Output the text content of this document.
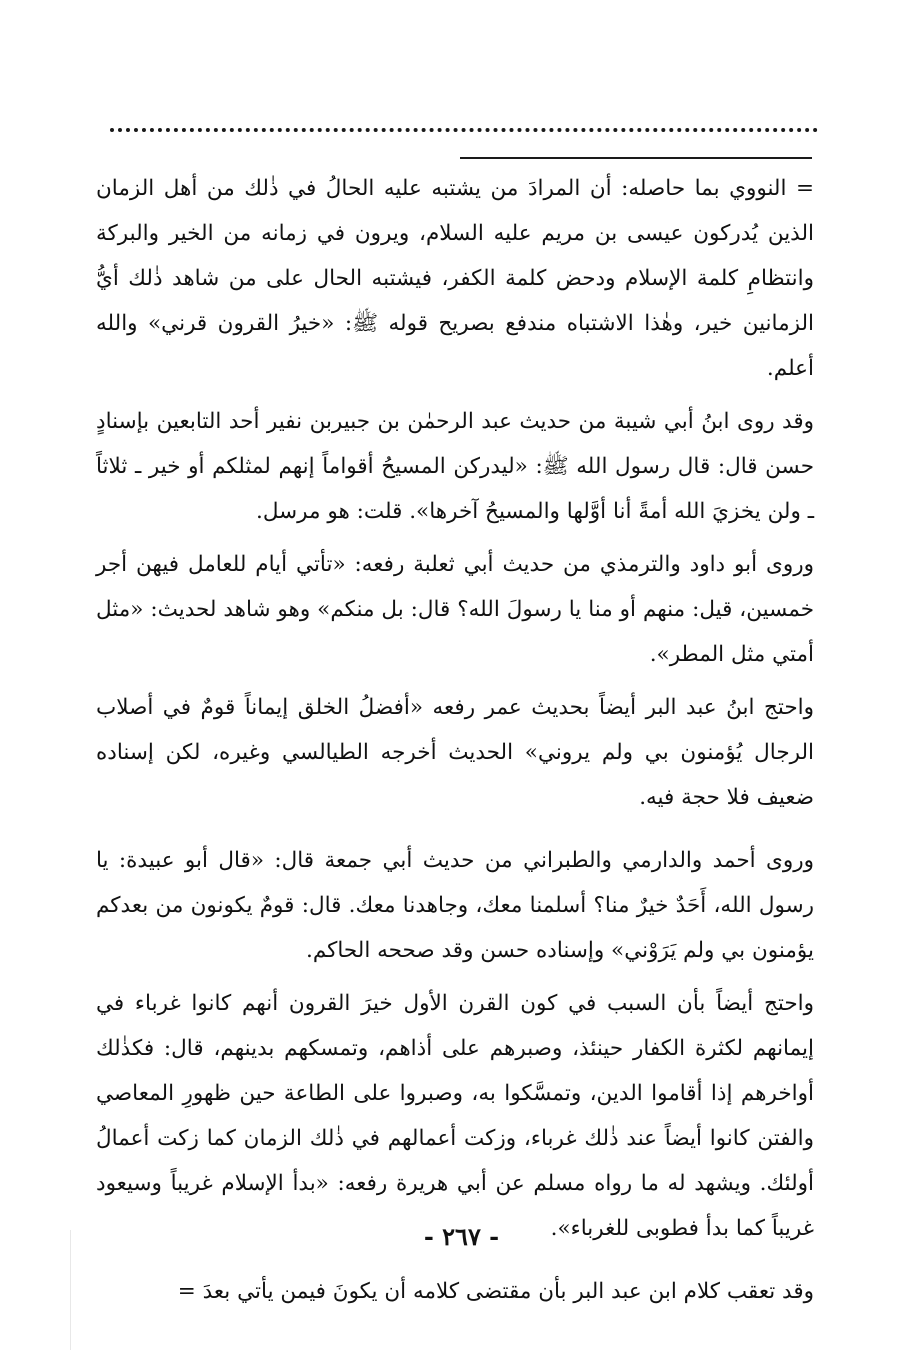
= النووي بما حاصله: أن المرادَ من يشتبه عليه الحالُ في ذٰلك من أهل الزمان الذين يُدركون عيسى بن مريم عليه السلام، ويرون في زمانه من الخير والبركة وانتظامِ كلمة الإسلام ودحض كلمة الكفر، فيشتبه الحال على من شاهد ذٰلك أيُّ الزمانين خير، وهٰذا الاشتباه مندفع بصريح قوله ﷺ: «خيرُ القرون قرني» والله أعلم.

وقد روى ابنُ أبي شيبة من حديث عبد الرحمٰن بن جبيربن نفير أحد التابعين بإسنادٍ حسن قال: قال رسول الله ﷺ: «ليدركن المسيحُ أقواماً إنهم لمثلكم أو خير ـ ثلاثاً ـ ولن يخزيَ الله أمةً أنا أوَّلها والمسيحُ آخرها». قلت: هو مرسل.

وروى أبو داود والترمذي من حديث أبي ثعلبة رفعه: «تأتي أيام للعامل فيهن أجر خمسين، قيل: منهم أو منا يا رسولَ الله؟ قال: بل منكم» وهو شاهد لحديث: «مثل أمتي مثل المطر».

واحتج ابنُ عبد البر أيضاً بحديث عمر رفعه «أفضلُ الخلق إيماناً قومٌ في أصلاب الرجال يُؤمنون بي ولم يروني» الحديث أخرجه الطيالسي وغيره، لكن إسناده ضعيف فلا حجة فيه.

وروى أحمد والدارمي والطبراني من حديث أبي جمعة قال: «قال أبو عبيدة: يا رسول الله، أَحَدٌ خيرٌ منا؟ أسلمنا معك، وجاهدنا معك. قال: قومٌ يكونون من بعدكم يؤمنون بي ولم يَرَوْني» وإسناده حسن وقد صححه الحاكم.

واحتج أيضاً بأن السبب في كون القرن الأول خيرَ القرون أنهم كانوا غرباء في إيمانهم لكثرة الكفار حينئذ، وصبرهم على أذاهم، وتمسكهم بدينهم، قال: فكذٰلك أواخرهم إذا أقاموا الدين، وتمسَّكوا به، وصبروا على الطاعة حين ظهورِ المعاصي والفتن كانوا أيضاً عند ذٰلك غرباء، وزكت أعمالهم في ذٰلك الزمان كما زكت أعمالُ أولئك. ويشهد له ما رواه مسلم عن أبي هريرة رفعه: «بدأ الإسلام غريباً وسيعود غريباً كما بدأ فطوبى للغرباء».

وقد تعقب كلام ابن عبد البر بأن مقتضى كلامه أن يكونَ فيمن يأتي بعدَ =

- ٢٦٧ -
